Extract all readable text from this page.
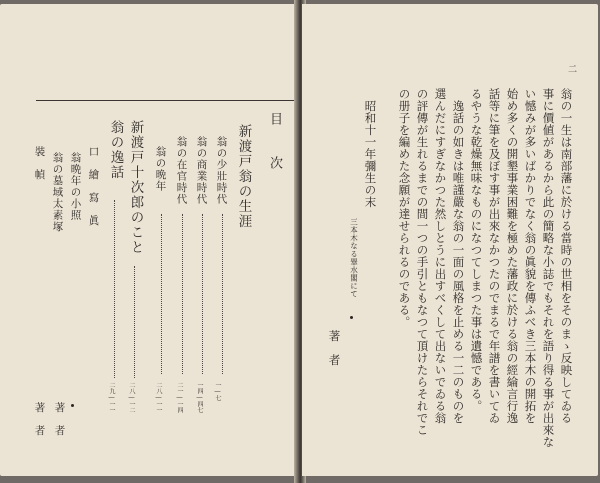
目　次
新渡戸翁の生涯
翁の少壯時代
一―七
翁の商業時代
一四―四七
翁の在官時代
二一―一四
翁の晩年
二八―一一
新渡戸十次郎のこと
二八―一二
翁の逸話
二九―一一
口　繪　寫　眞
翁晩年の小照
翁の墓域太素塚
裝　幀
著　者
著　者
二
翁の一生は南部藩に於ける當時の世相をそのまゝ反映してゐる
事に價値があるから此の簡略な小誌でもそれを語り得る事が出來な
い憾みが多いばかりでなく翁の眞貌を傳ふべき三本木の開拓を
始め多くの開墾事業困難を極めた藩政に於ける翁の經綸言行逸
話等に筆を及ぼす事が出來なかつたのでまるで年譜を書いてゐ
るやうな乾燥無味なものになつてしまつた事は遺憾である。
逸話の如きは唯謹嚴な翁の一面の風格を止める一二のものを
選んだにすぎなかつた然しとうに出すべくして出ないでゐる翁
の評傳が生れるまでの間一つの手引ともなつて頂けたらそれでこ
の册子を編めた念願が達せられるのである。
昭和十一年彌生の末
三本木なる畢水閣にて
著　者
